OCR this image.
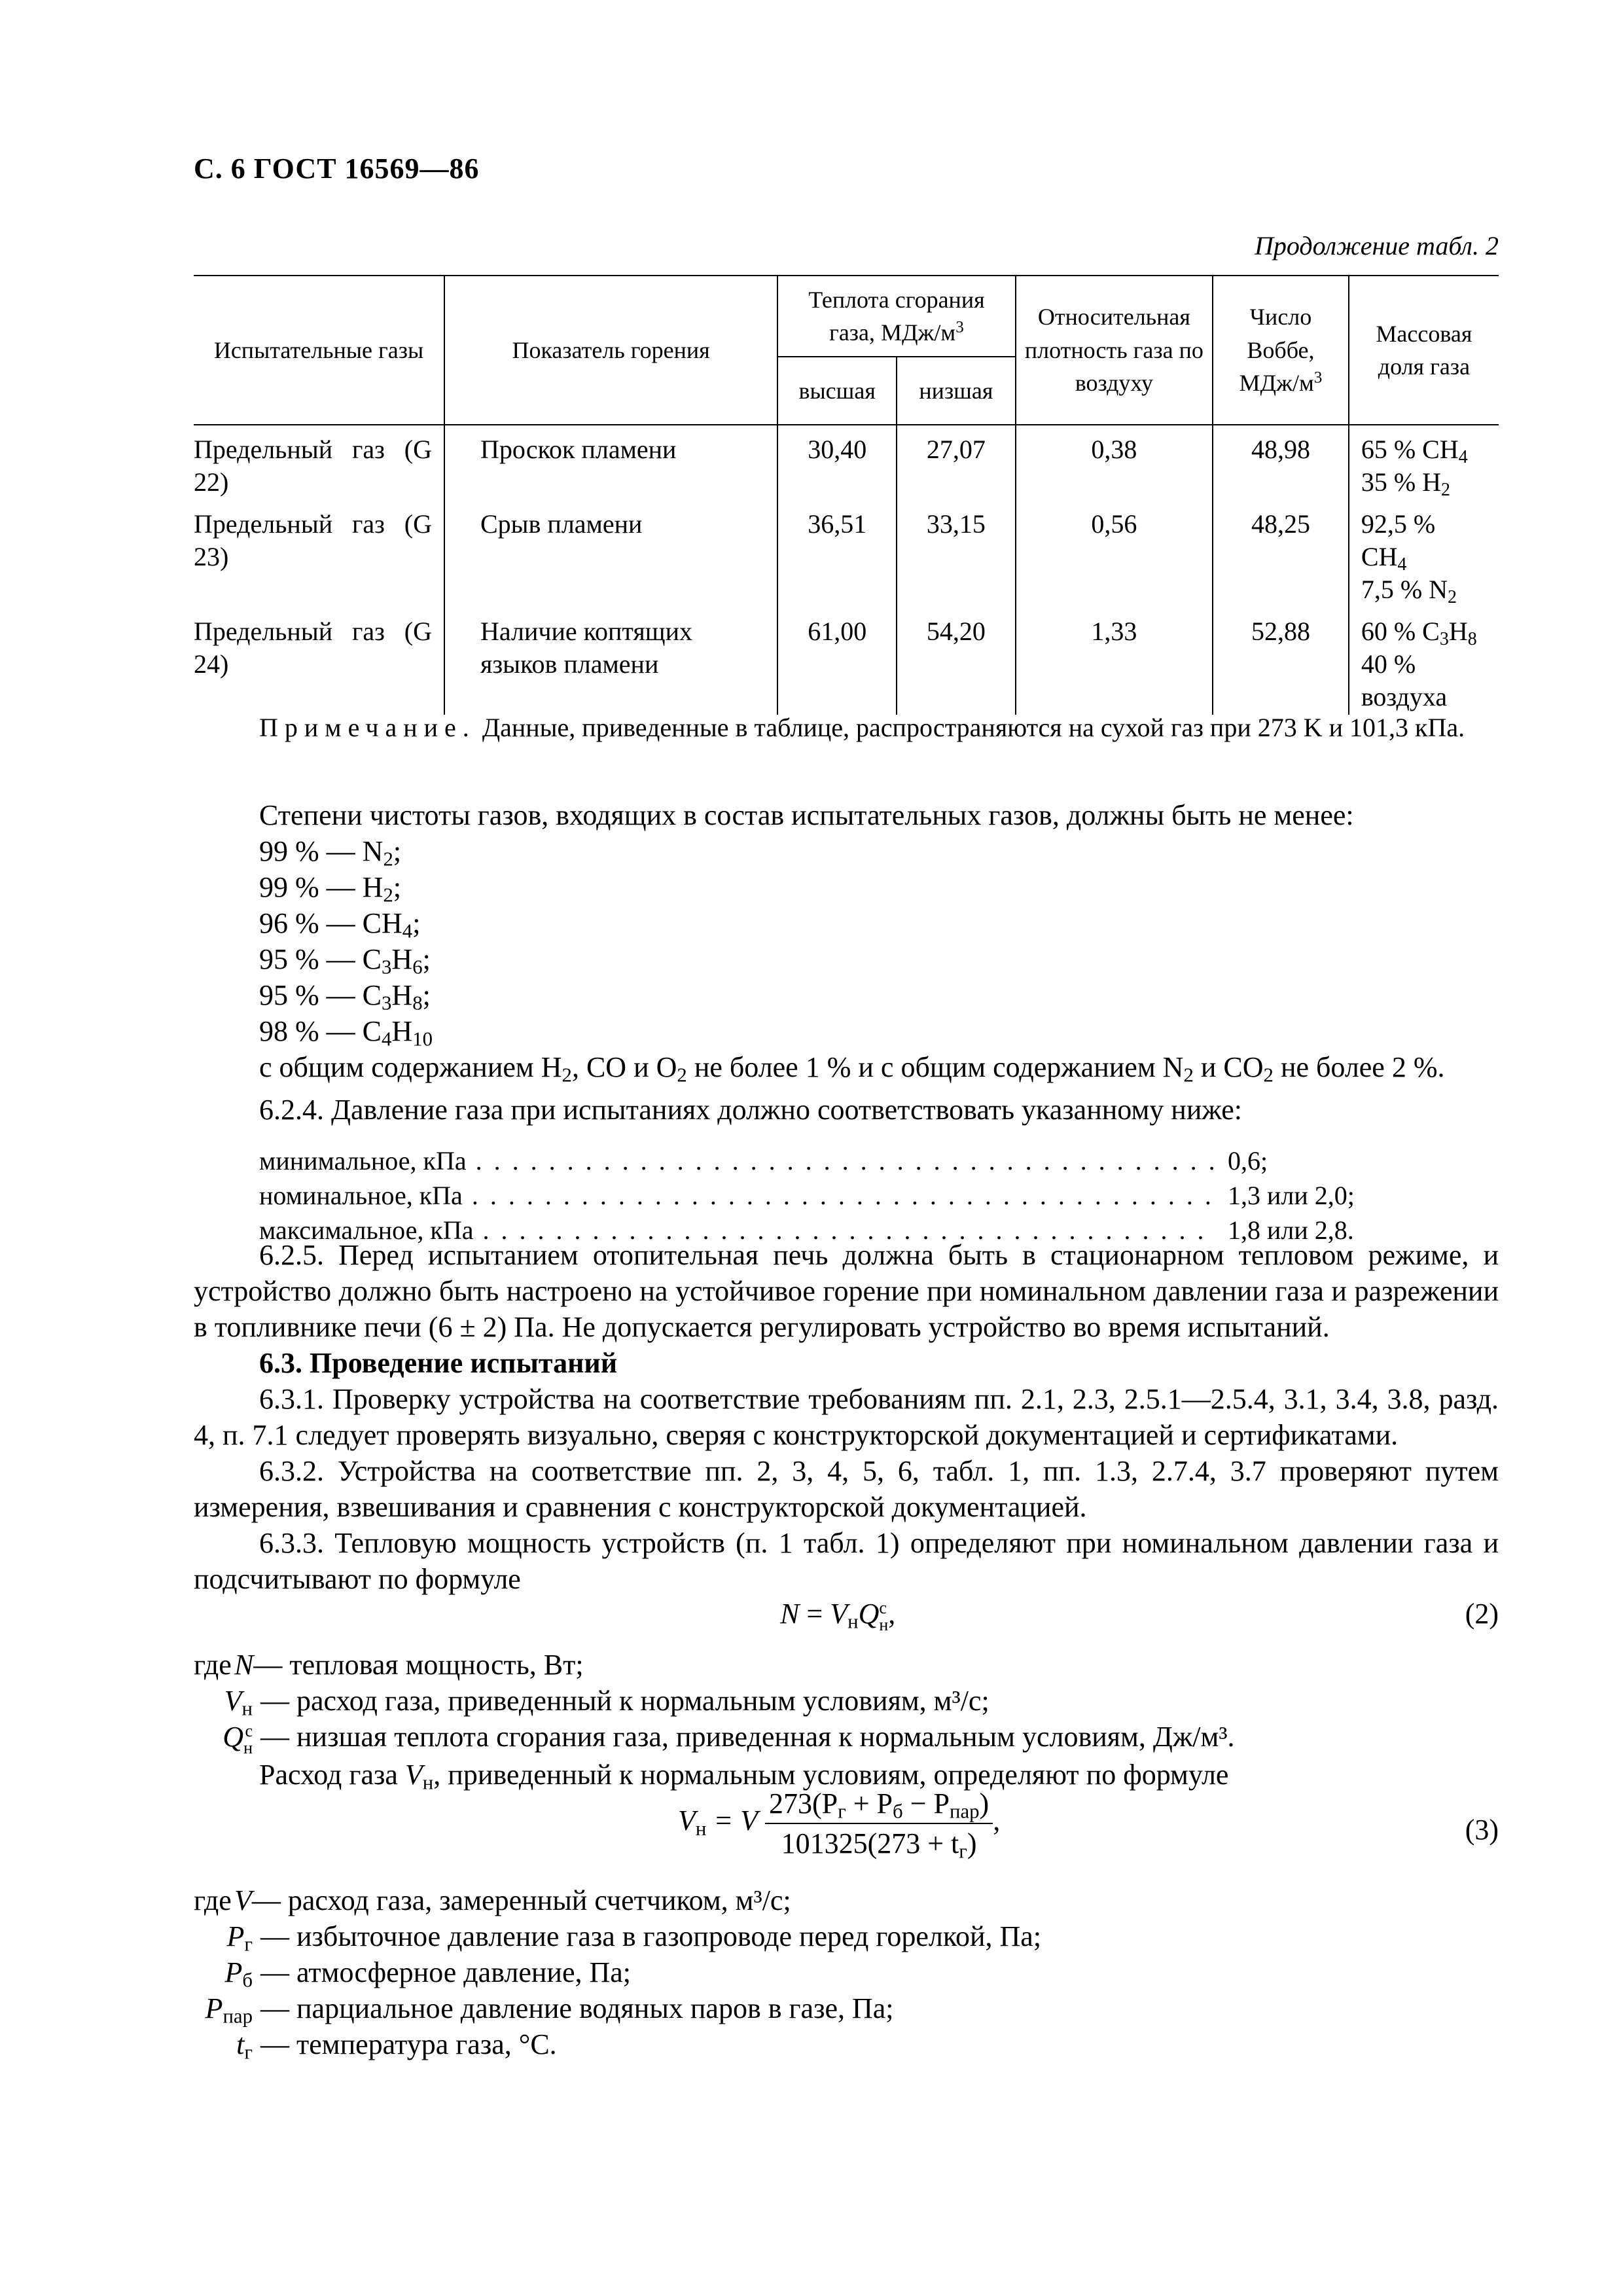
С. 6 ГОСТ 16569—86
Продолжение табл. 2
Испытательные газы	Показатель горения	Теплота сгорания газа, МДж/$м^3$		Относительная плотность газа по воздуху	Число Воббе, МДж/$м^3$	Массовая доля газа
		высшая	низшая			
Предельный газ (G 22)	Проскок пламени	30,40	27,07	0,38	48,98	65 % $CH_4$
35 % $H_2$
Предельный газ (G 23)	Срыв пламени	36,51	33,15	0,56	48,25	92,5 % $CH_4$
7,5 % $N_2$
Предельный газ (G 24)	Наличие коптящих языков пламени	61,00	54,20	1,33	52,88	60 % $C_3H_8$
40 % воздуха
Примечание. Данные, приведенные в таблице, распространяются на сухой газ при 273 K и 101,3 кПа.
Степени чистоты газов, входящих в состав испытательных газов, должны быть не менее:
99 % — $N_2$;
99 % — $H_2$;
96 % — $CH_4$;
95 % — $C_3H_6$;
95 % — $C_3H_8$;
98 % — $C_4H_{10}$
с общим содержанием $H_2$, CO и $O_2$ не более 1 % и с общим содержанием $N_2$ и $CO_2$ не более 2 %.
6.2.4. Давление газа при испытаниях должно соответствовать указанному ниже:
минимальное, кПа . . .	0,6;
номинальное, кПа . . .	1,3 или 2,0;
максимальное, кПа . . .	1,8 или 2,8.
6.2.5. Перед испытанием отопительная печь должна быть в стационарном тепловом режиме, и устройство должно быть настроено на устойчивое горение при номинальном давлении газа и разрежении в топливнике печи (6 ± 2) Па. Не допускается регулировать устройство во время испытаний.
6.3. Проведение испытаний
6.3.1. Проверку устройства на соответствие требованиям пп. 2.1, 2.3, 2.5.1—2.5.4, 3.1, 3.4, 3.8, разд. 4, п. 7.1 следует проверять визуально, сверяя с конструкторской документацией и сертификатами.
6.3.2. Устройства на соответствие пп. 2, 3, 4, 5, 6, табл. 1, пп. 1.3, 2.7.4, 3.7 проверяют путем измерения, взвешивания и сравнения с конструкторской документацией.
6.3.3. Тепловую мощность устройств (п. 1 табл. 1) определяют при номинальном давлении газа и подсчитывают по формуле
$N = V_нQ$ с
н ,	(2)
где N — тепловая мощность, Вт;
$V_н$ — расход газа, приведенный к нормальным условиям, м³/с;
Q с
н — низшая теплота сгорания газа, приведенная к нормальным условиям, Дж/м³.
Расход газа $V_н$, приведенный к нормальным условиям, определяют по формуле
$V_н = V \frac{273(P_г + P_б - P_{пар})}{101325(273 + t_г)}$ ,	(3)
где V — расход газа, замеренный счетчиком, м³/с;
$P_г$ — избыточное давление газа в газопроводе перед горелкой, Па;
$P_б$ — атмосферное давление, Па;
$P_{пар}$ — парциальное давление водяных паров в газе, Па;
$t_г$ — температура газа, °С.
